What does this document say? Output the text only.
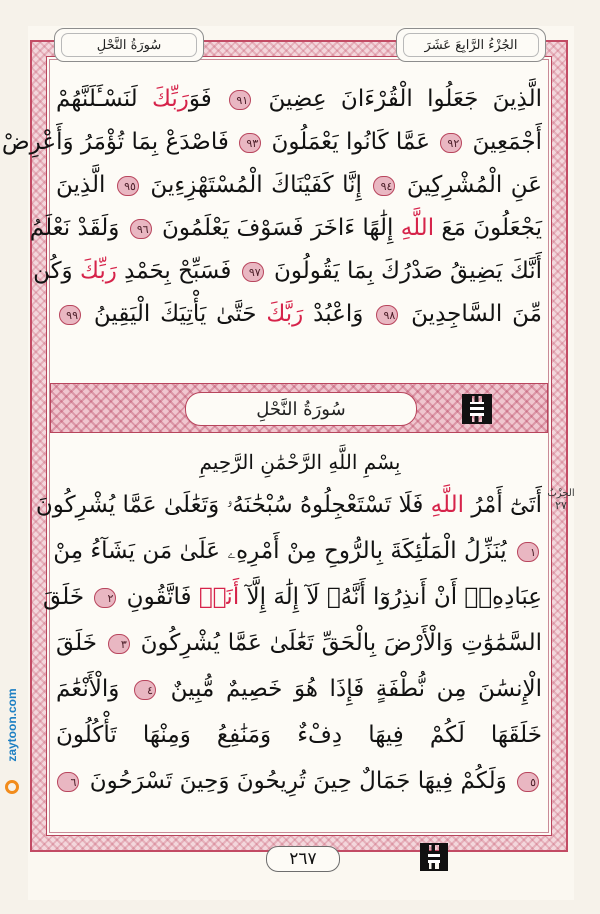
سُورَةُ النَّحْلِ	الجُزْءُ الرَّابِعَ عَشَرَ
الَّذِينَ جَعَلُوا الْقُرْءَانَ عِضِينَ ٩١ فَوَرَبِّكَ لَنَسْـَٔلَنَّهُمْ
أَجْمَعِينَ ٩٢ عَمَّا كَانُوا يَعْمَلُونَ ٩٣ فَاصْدَعْ بِمَا تُؤْمَرُ وَأَعْرِضْ
عَنِ الْمُشْرِكِينَ ٩٤ إِنَّا كَفَيْنَاكَ الْمُسْتَهْزِءِينَ ٩٥ الَّذِينَ
يَجْعَلُونَ مَعَ اللَّهِ إِلَٰهًا ءَاخَرَ فَسَوْفَ يَعْلَمُونَ ٩٦ وَلَقَدْ نَعْلَمُ
أَنَّكَ يَضِيقُ صَدْرُكَ بِمَا يَقُولُونَ ٩٧ فَسَبِّحْ بِحَمْدِ رَبِّكَ وَكُن
مِّنَ السَّاجِدِينَ ٩٨ وَاعْبُدْ رَبَّكَ حَتَّىٰ يَأْتِيَكَ الْيَقِينُ ٩٩
سُورَةُ النَّحْلِ
بِسْمِ اللَّهِ الرَّحْمَٰنِ الرَّحِيمِ
الحِزْبُ
٢٧
أَتَىٰٓ أَمْرُ اللَّهِ فَلَا تَسْتَعْجِلُوهُ سُبْحَٰنَهُۥ وَتَعَٰلَىٰ عَمَّا يُشْرِكُونَ
١ يُنَزِّلُ الْمَلَٰٓئِكَةَ بِالرُّوحِ مِنْ أَمْرِهِۦ عَلَىٰ مَن يَشَآءُ مِنْ
عِبَادِهِۦٓ أَنْ أَنذِرُوٓا أَنَّهُۥ لَآ إِلَٰهَ إِلَّآ أَنَا۠ فَاتَّقُونِ ٢ خَلَقَ
السَّمَٰوَٰتِ وَالْأَرْضَ بِالْحَقِّ تَعَٰلَىٰ عَمَّا يُشْرِكُونَ ٣ خَلَقَ
الْإِنسَٰنَ مِن نُّطْفَةٍ فَإِذَا هُوَ خَصِيمٌ مُّبِينٌ ٤ وَالْأَنْعَٰمَ
خَلَقَهَا لَكُمْ فِيهَا دِفْءٌ وَمَنَٰفِعُ وَمِنْهَا تَأْكُلُونَ
٥ وَلَكُمْ فِيهَا جَمَالٌ حِينَ تُرِيحُونَ وَحِينَ تَسْرَحُونَ ٦
٢٦٧
zaytoon.com
